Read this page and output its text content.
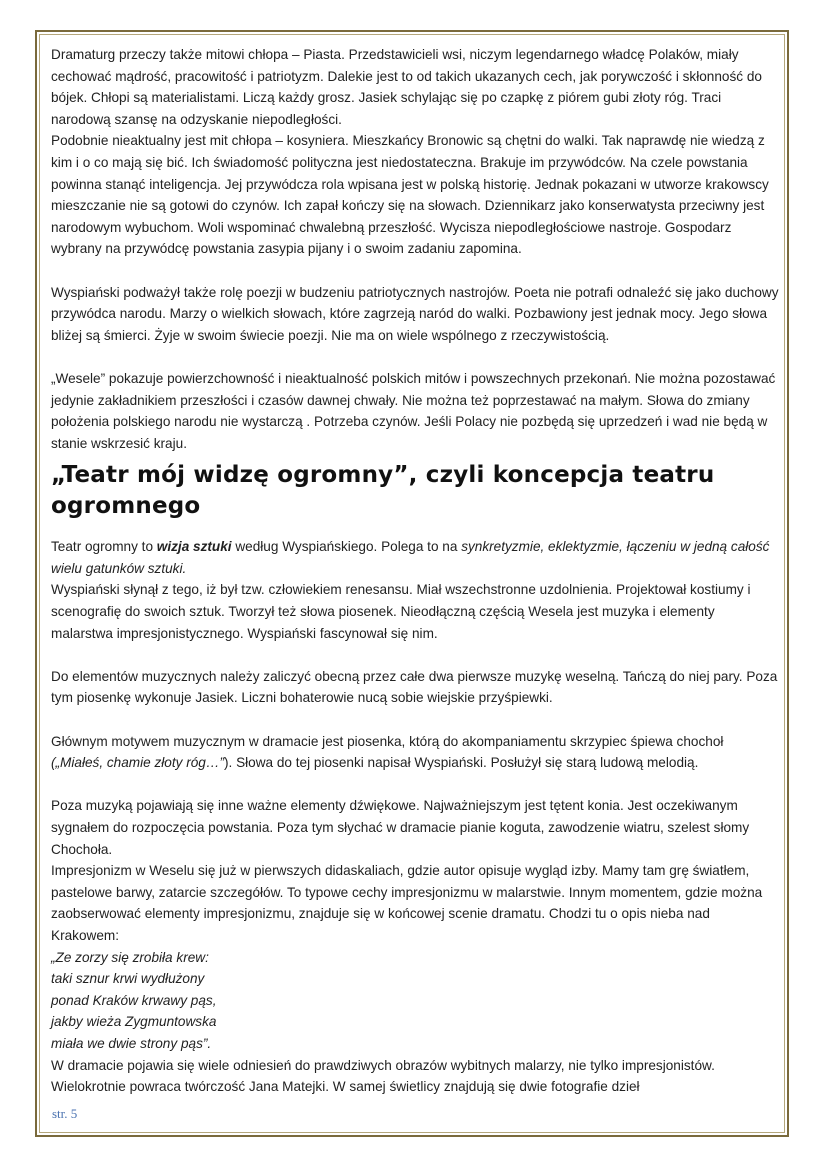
Dramaturg przeczy także mitowi chłopa – Piasta. Przedstawicieli wsi, niczym legendarnego władcę Polaków, miały cechować mądrość, pracowitość i patriotyzm. Dalekie jest to od takich ukazanych cech, jak porywczość i skłonność do bójek. Chłopi są materialistami. Liczą każdy grosz. Jasiek schylając się po czapkę z piórem gubi złoty róg. Traci narodową szansę na odzyskanie niepodległości.

Podobnie nieaktualny jest mit chłopa – kosyniera. Mieszkańcy Bronowic są chętni do walki. Tak naprawdę nie wiedzą z kim i o co mają się bić. Ich świadomość polityczna jest niedostateczna. Brakuje im przywódców. Na czele powstania powinna stanąć inteligencja. Jej przywódcza rola wpisana jest w polską historię. Jednak pokazani w utworze krakowscy mieszczanie nie są gotowi do czynów. Ich zapał kończy się na słowach. Dziennikarz jako konserwatysta przeciwny jest narodowym wybuchom. Woli wspominać chwalebną przeszłość. Wycisza niepodległościowe nastroje. Gospodarz wybrany na przywódcę powstania zasypia pijany i o swoim zadaniu zapomina.

Wyspiański podważył także rolę poezji w budzeniu patriotycznych nastrojów. Poeta nie potrafi odnaleźć się jako duchowy przywódca narodu. Marzy o wielkich słowach, które zagrzeją naród do walki. Pozbawiony jest jednak mocy. Jego słowa bliżej są śmierci. Żyje w swoim świecie poezji. Nie ma on wiele wspólnego z rzeczywistością.

„Wesele” pokazuje powierzchowność i nieaktualność polskich mitów i powszechnych przekonań. Nie można pozostawać jedynie zakładnikiem przeszłości i czasów dawnej chwały. Nie można też poprzestawać na małym. Słowa do zmiany położenia polskiego narodu nie wystarczą . Potrzeba czynów. Jeśli Polacy nie pozbędą się uprzedzeń i wad nie będą w stanie wskrzesić kraju.

„Teatr mój widzę ogromny”, czyli koncepcja teatru ogromnego

Teatr ogromny to wizja sztuki według Wyspiańskiego. Polega to na synkretyzmie, eklektyzmie, łączeniu w jedną całość wielu gatunków sztuki.

Wyspiański słynął z tego, iż był tzw. człowiekiem renesansu. Miał wszechstronne uzdolnienia. Projektował kostiumy i scenografię do swoich sztuk. Tworzył też słowa piosenek. Nieodłączną częścią Wesela jest muzyka i elementy malarstwa impresjonistycznego. Wyspiański fascynował się nim.

Do elementów muzycznych należy zaliczyć obecną przez całe dwa pierwsze muzykę weselną. Tańczą do niej pary. Poza tym piosenkę wykonuje Jasiek. Liczni bohaterowie nucą sobie wiejskie przyśpiewki.

Głównym motywem muzycznym w dramacie jest piosenka, którą do akompaniamentu skrzypiec śpiewa chochoł („Miałeś, chamie złoty róg…”). Słowa do tej piosenki napisał Wyspiański. Posłużył się starą ludową melodią.

Poza muzyką pojawiają się inne ważne elementy dźwiękowe. Najważniejszym jest tętent konia. Jest oczekiwanym sygnałem do rozpoczęcia powstania. Poza tym słychać w dramacie pianie koguta, zawodzenie wiatru, szelest słomy Chochoła.

Impresjonizm w Weselu się już w pierwszych didaskaliach, gdzie autor opisuje wygląd izby. Mamy tam grę światłem, pastelowe barwy, zatarcie szczegółów. To typowe cechy impresjonizmu w malarstwie. Innym momentem, gdzie można zaobserwować elementy impresjonizmu, znajduje się w końcowej scenie dramatu. Chodzi tu o opis nieba nad Krakowem:

„Ze zorzy się zrobiła krew:

taki sznur krwi wydłużony

ponad Kraków krwawy pąs,

jakby wieża Zygmuntowska

miała we dwie strony pąs”.

W dramacie pojawia się wiele odniesień do prawdziwych obrazów wybitnych malarzy, nie tylko impresjonistów. Wielokrotnie powraca twórczość Jana Matejki. W samej świetlicy znajdują się dwie fotografie dzieł

str. 5
